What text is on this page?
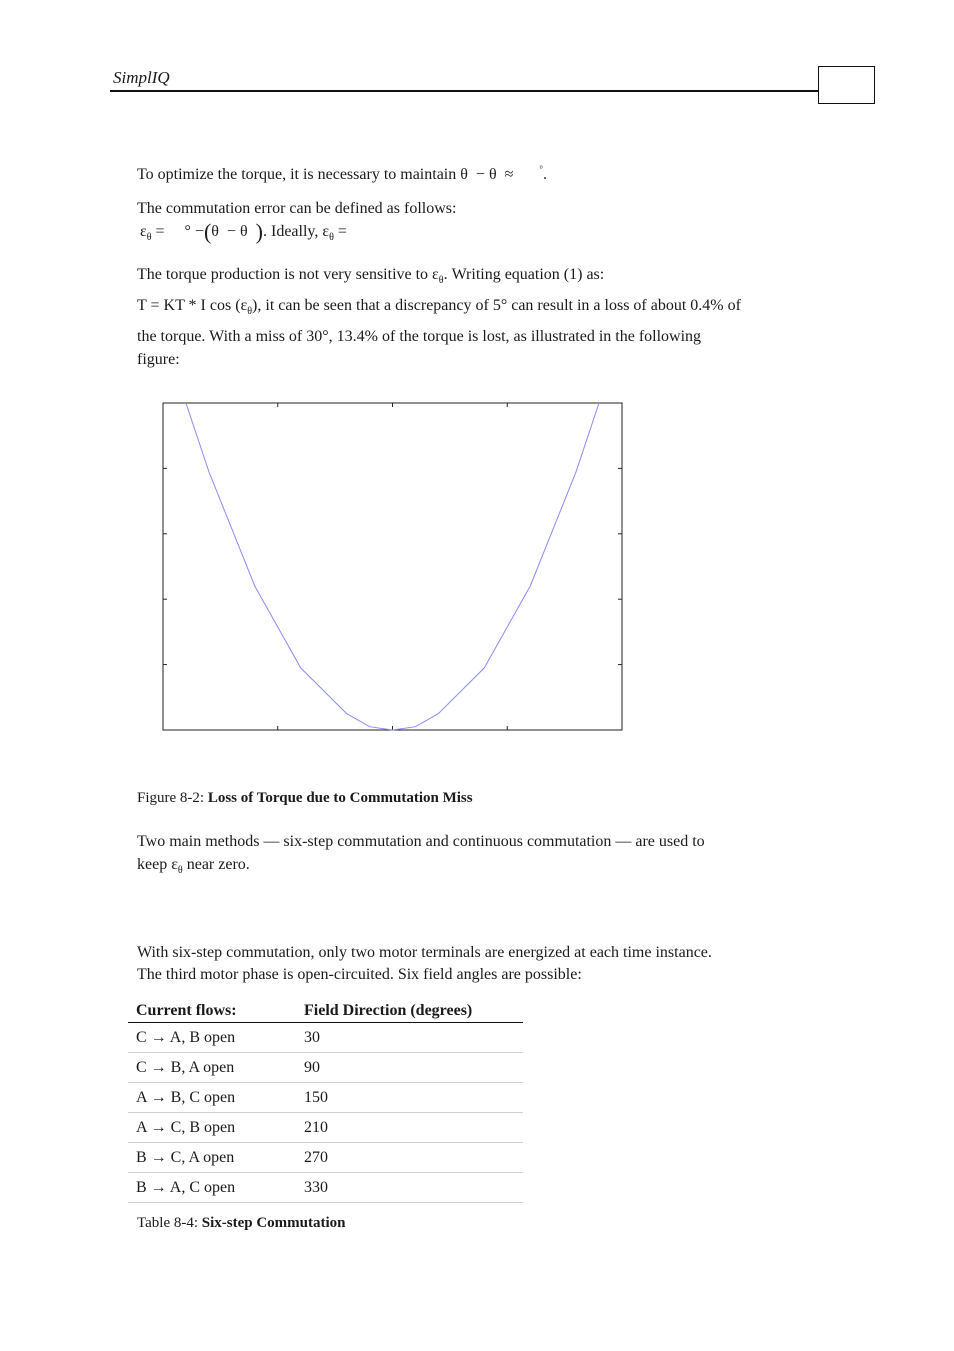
SimplIQ
To optimize the torque, it is necessary to maintain θ  − θ  ≈	°.
The commutation error can be defined as follows:
$\varepsilon_\theta$ =     ° −(θ  − θ  ). Ideally, $\varepsilon_\theta$ =
The torque production is not very sensitive to $\varepsilon_\theta$. Writing equation (1) as:
T = KT * I $\cos (\varepsilon_\theta)$, it can be seen that a discrepancy of 5° can result in a loss of about 0.4% of
the torque. With a miss of 30°, 13.4% of the torque is lost, as illustrated in the following
figure:
Figure 8-2: Loss of Torque due to Commutation Miss
Two main methods — six-step commutation and continuous commutation — are used to
keep $\varepsilon_\theta$ near zero.
With six-step commutation, only two motor terminals are energized at each time instance.
The third motor phase is open-circuited. Six field angles are possible:
Current flows:	Field Direction (degrees)
C → A, B open	30
C → B, A open	90
A → B, C open	150
A → C, B open	210
B → C, A open	270
B → A, C open	330
Table 8-4: Six-step Commutation
